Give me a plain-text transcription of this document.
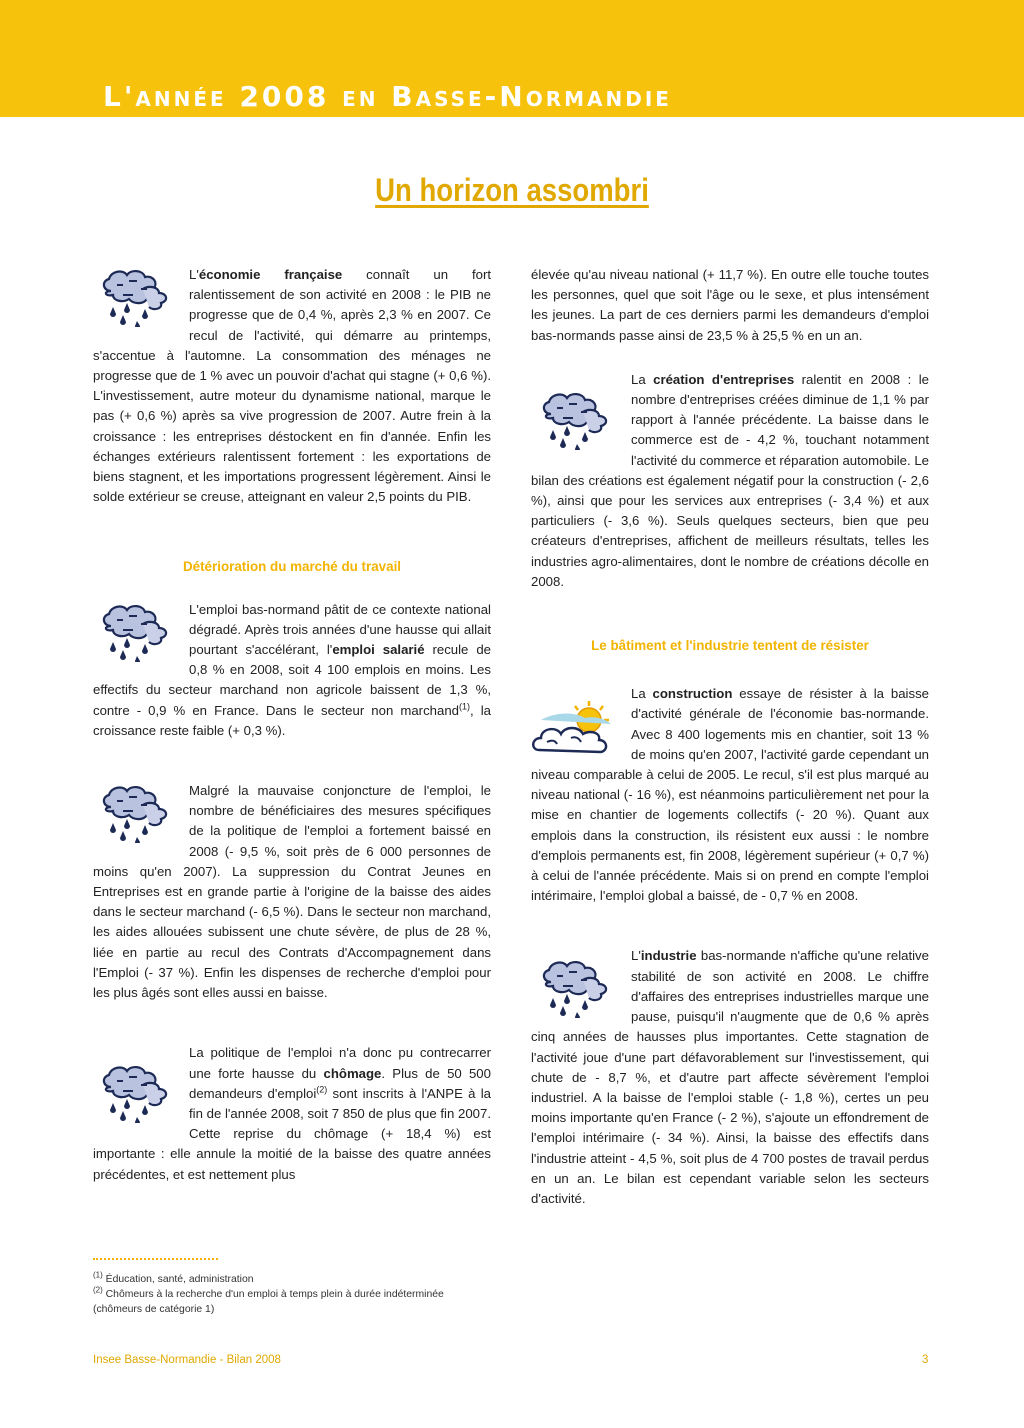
L'année 2008 en Basse-Normandie
Un horizon assombri

L'économie française connaît un fort ralentissement de son activité en 2008 : le PIB ne progresse que de 0,4 %, après 2,3 % en 2007. Ce recul de l'activité, qui démarre au printemps, s'accentue à l'automne. La consommation des ménages ne progresse que de 1 % avec un pouvoir d'achat qui stagne (+ 0,6 %). L'investissement, autre moteur du dynamisme national, marque le pas (+ 0,6 %) après sa vive progression de 2007. Autre frein à la croissance : les entreprises déstockent en fin d'année. Enfin les échanges extérieurs ralentissent fortement : les exportations de biens stagnent, et les importations progressent légèrement. Ainsi le solde extérieur se creuse, atteignant en valeur 2,5 points du PIB.

Détérioration du marché du travail

L'emploi bas-normand pâtit de ce contexte national dégradé. Après trois années d'une hausse qui allait pourtant s'accélérant, l'emploi salarié recule de 0,8 % en 2008, soit 4 100 emplois en moins. Les effectifs du secteur marchand non agricole baissent de 1,3 %, contre - 0,9 % en France. Dans le secteur non marchand$^{(1)}$, la croissance reste faible (+ 0,3 %).

Malgré la mauvaise conjoncture de l'emploi, le nombre de bénéficiaires des mesures spécifiques de la politique de l'emploi a fortement baissé en 2008 (- 9,5 %, soit près de 6 000 personnes de moins qu'en 2007). La suppression du Contrat Jeunes en Entreprises est en grande partie à l'origine de la baisse des aides dans le secteur marchand (- 6,5 %). Dans le secteur non marchand, les aides allouées subissent une chute sévère, de plus de 28 %, liée en partie au recul des Contrats d'Accompagnement dans l'Emploi (- 37 %). Enfin les dispenses de recherche d'emploi pour les plus âgés sont elles aussi en baisse.

La politique de l'emploi n'a donc pu contrecarrer une forte hausse du chômage. Plus de 50 500 demandeurs d'emploi$^{(2)}$ sont inscrits à l'ANPE à la fin de l'année 2008, soit 7 850 de plus que fin 2007. Cette reprise du chômage (+ 18,4 %) est importante : elle annule la moitié de la baisse des quatre années précédentes, et est nettement plus

élevée qu'au niveau national (+ 11,7 %). En outre elle touche toutes les personnes, quel que soit l'âge ou le sexe, et plus intensément les jeunes. La part de ces derniers parmi les demandeurs d'emploi bas-normands passe ainsi de 23,5 % à 25,5 % en un an.

La création d'entreprises ralentit en 2008 : le nombre d'entreprises créées diminue de 1,1 % par rapport à l'année précédente. La baisse dans le commerce est de - 4,2 %, touchant notamment l'activité du commerce et réparation automobile. Le bilan des créations est également négatif pour la construction (- 2,6 %), ainsi que pour les services aux entreprises (- 3,4 %) et aux particuliers (- 3,6 %). Seuls quelques secteurs, bien que peu créateurs d'entreprises, affichent de meilleurs résultats, telles les industries agro-alimentaires, dont le nombre de créations décolle en 2008.

Le bâtiment et l'industrie tentent de résister

La construction essaye de résister à la baisse d'activité générale de l'économie bas-normande. Avec 8 400 logements mis en chantier, soit 13 % de moins qu'en 2007, l'activité garde cependant un niveau comparable à celui de 2005. Le recul, s'il est plus marqué au niveau national (- 16 %), est néanmoins particulièrement net pour la mise en chantier de logements collectifs (- 20 %). Quant aux emplois dans la construction, ils résistent eux aussi : le nombre d'emplois permanents est, fin 2008, légèrement supérieur (+ 0,7 %) à celui de l'année précédente. Mais si on prend en compte l'emploi intérimaire, l'emploi global a baissé, de - 0,7 % en 2008.

L'industrie bas-normande n'affiche qu'une relative stabilité de son activité en 2008. Le chiffre d'affaires des entreprises industrielles marque une pause, puisqu'il n'augmente que de 0,6 % après cinq années de hausses plus importantes. Cette stagnation de l'activité joue d'une part défavorablement sur l'investissement, qui chute de - 8,7 %, et d'autre part affecte sévèrement l'emploi industriel. A la baisse de l'emploi stable (- 1,8 %), certes un peu moins importante qu'en France (- 2 %), s'ajoute un effondrement de l'emploi intérimaire (- 34 %). Ainsi, la baisse des effectifs dans l'industrie atteint - 4,5 %, soit plus de 4 700 postes de travail perdus en un an. Le bilan est cependant variable selon les secteurs d'activité.

$^{(1)}$ Éducation, santé, administration
$^{(2)}$ Chômeurs à la recherche d'un emploi à temps plein à durée indéterminée (chômeurs de catégorie 1)
Insee Basse-Normandie - Bilan 2008	3
